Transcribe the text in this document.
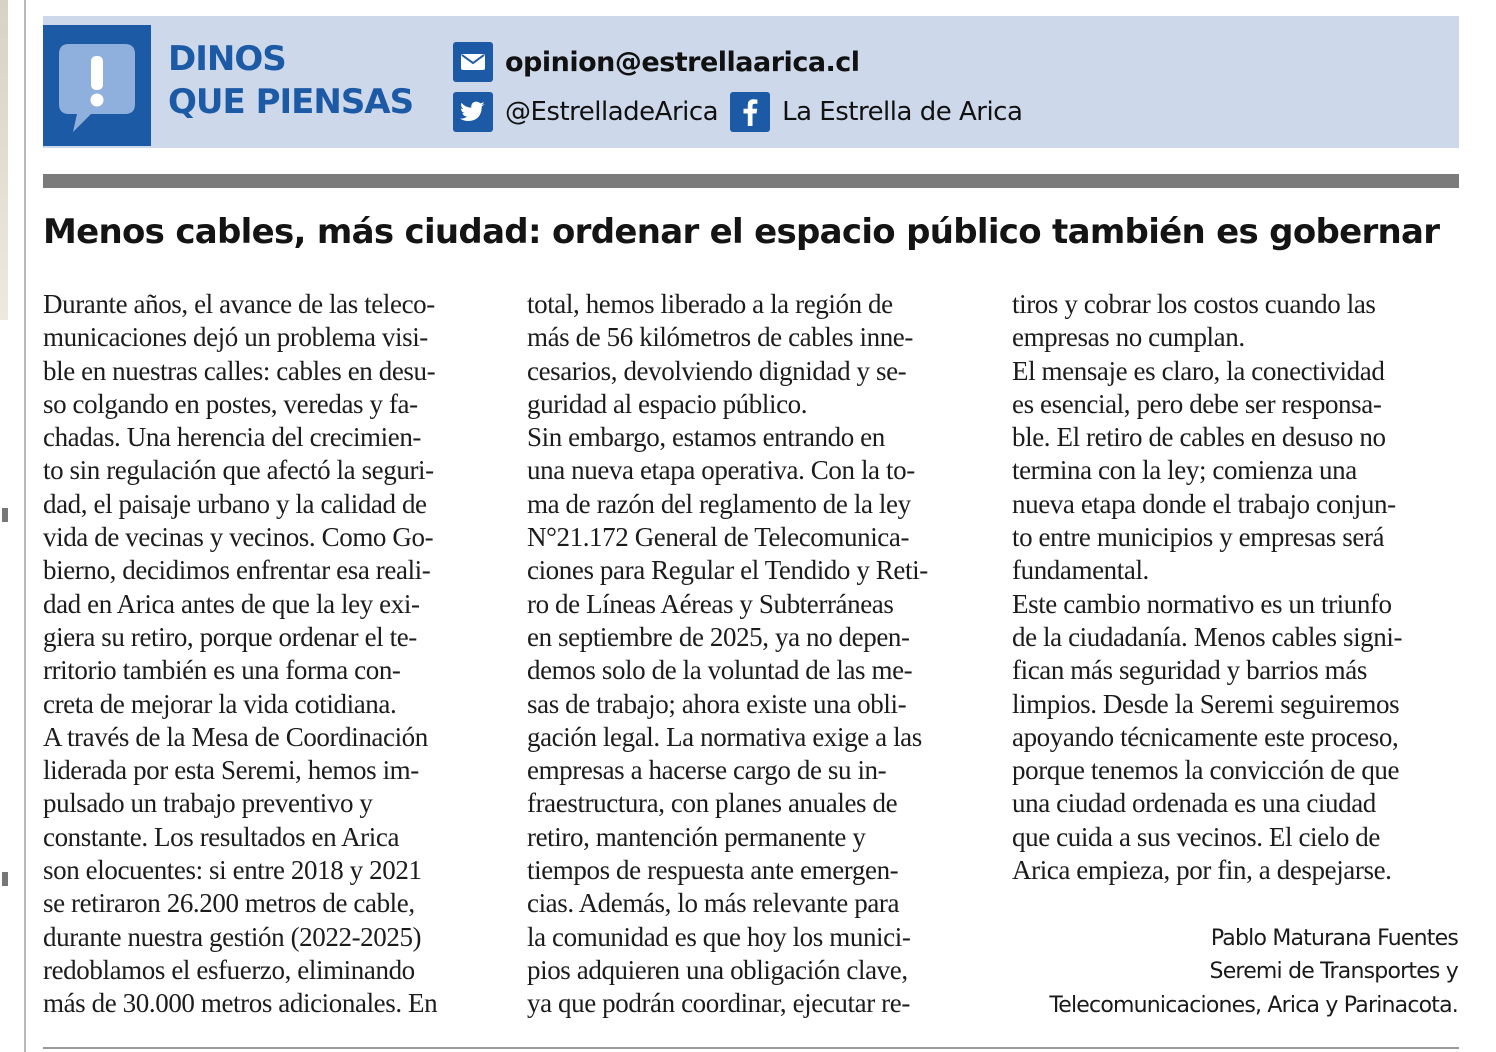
DINOS
QUE PIENSAS
opinion@estrellaarica.cl
@EstrelladeArica La Estrella de Arica
Menos cables, más ciudad: ordenar el espacio público también es gobernar
Durante años, el avance de las teleco-
municaciones dejó un problema visi-
ble en nuestras calles: cables en desu-
so colgando en postes, veredas y fa-
chadas. Una herencia del crecimien-
to sin regulación que afectó la seguri-
dad, el paisaje urbano y la calidad de
vida de vecinas y vecinos. Como Go-
bierno, decidimos enfrentar esa reali-
dad en Arica antes de que la ley exi-
giera su retiro, porque ordenar el te-
rritorio también es una forma con-
creta de mejorar la vida cotidiana.
A través de la Mesa de Coordinación
liderada por esta Seremi, hemos im-
pulsado un trabajo preventivo y
constante. Los resultados en Arica
son elocuentes: si entre 2018 y 2021
se retiraron 26.200 metros de cable,
durante nuestra gestión (2022-2025)
redoblamos el esfuerzo, eliminando
más de 30.000 metros adicionales. En
total, hemos liberado a la región de
más de 56 kilómetros de cables inne-
cesarios, devolviendo dignidad y se-
guridad al espacio público.
Sin embargo, estamos entrando en
una nueva etapa operativa. Con la to-
ma de razón del reglamento de la ley
N°21.172 General de Telecomunica-
ciones para Regular el Tendido y Reti-
ro de Líneas Aéreas y Subterráneas
en septiembre de 2025, ya no depen-
demos solo de la voluntad de las me-
sas de trabajo; ahora existe una obli-
gación legal. La normativa exige a las
empresas a hacerse cargo de su in-
fraestructura, con planes anuales de
retiro, mantención permanente y
tiempos de respuesta ante emergen-
cias. Además, lo más relevante para
la comunidad es que hoy los munici-
pios adquieren una obligación clave,
ya que podrán coordinar, ejecutar re-
tiros y cobrar los costos cuando las
empresas no cumplan.
El mensaje es claro, la conectividad
es esencial, pero debe ser responsa-
ble. El retiro de cables en desuso no
termina con la ley; comienza una
nueva etapa donde el trabajo conjun-
to entre municipios y empresas será
fundamental.
Este cambio normativo es un triunfo
de la ciudadanía. Menos cables signi-
fican más seguridad y barrios más
limpios. Desde la Seremi seguiremos
apoyando técnicamente este proceso,
porque tenemos la convicción de que
una ciudad ordenada es una ciudad
que cuida a sus vecinos. El cielo de
Arica empieza, por fin, a despejarse.
Pablo Maturana Fuentes
Seremi de Transportes y
Telecomunicaciones, Arica y Parinacota.
